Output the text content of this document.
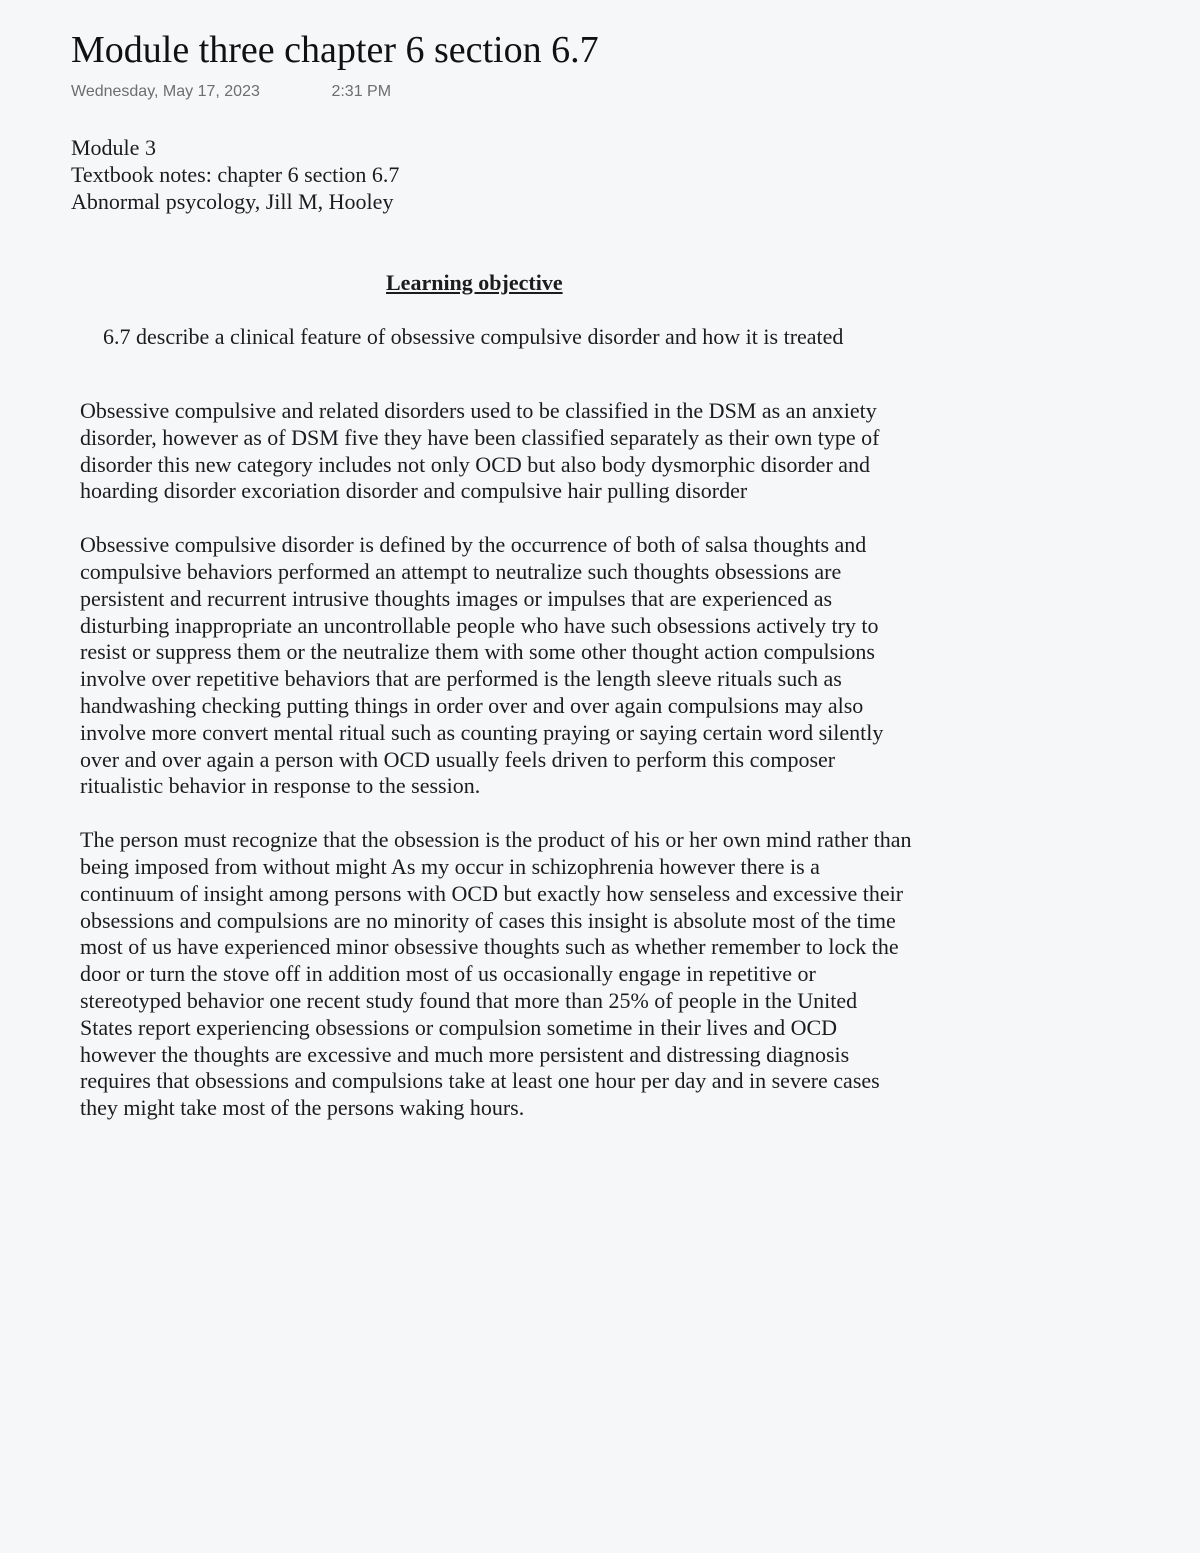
Module three chapter 6 section 6.7
Wednesday, May 17, 2023	2:31 PM
Module 3
Textbook notes: chapter 6 section 6.7
Abnormal psycology, Jill M, Hooley
Learning objective
6.7 describe a clinical feature of obsessive compulsive disorder and how it is treated

Obsessive compulsive and related disorders used to be classified in the DSM as an anxiety disorder, however as of DSM five they have been classified separately as their own type of disorder this new category includes not only OCD but also body dysmorphic disorder and hoarding disorder excoriation disorder and compulsive hair pulling disorder

Obsessive compulsive disorder is defined by the occurrence of both of salsa thoughts and compulsive behaviors performed an attempt to neutralize such thoughts obsessions are persistent and recurrent intrusive thoughts images or impulses that are experienced as disturbing inappropriate an uncontrollable people who have such obsessions actively try to resist or suppress them or the neutralize them with some other thought action compulsions involve over repetitive behaviors that are performed is the length sleeve rituals such as handwashing checking putting things in order over and over again compulsions may also involve more convert mental ritual such as counting praying or saying certain word silently over and over again a person with OCD usually feels driven to perform this composer ritualistic behavior in response to the session.

The person must recognize that the obsession is the product of his or her own mind rather than being imposed from without might As my occur in schizophrenia however there is a continuum of insight among persons with OCD but exactly how senseless and excessive their obsessions and compulsions are no minority of cases this insight is absolute most of the time most of us have experienced minor obsessive thoughts such as whether remember to lock the door or turn the stove off in addition most of us occasionally engage in repetitive or stereotyped behavior one recent study found that more than 25% of people in the United States report experiencing obsessions or compulsion sometime in their lives and OCD however the thoughts are excessive and much more persistent and distressing diagnosis requires that obsessions and compulsions take at least one hour per day and in severe cases they might take most of the persons waking hours.
